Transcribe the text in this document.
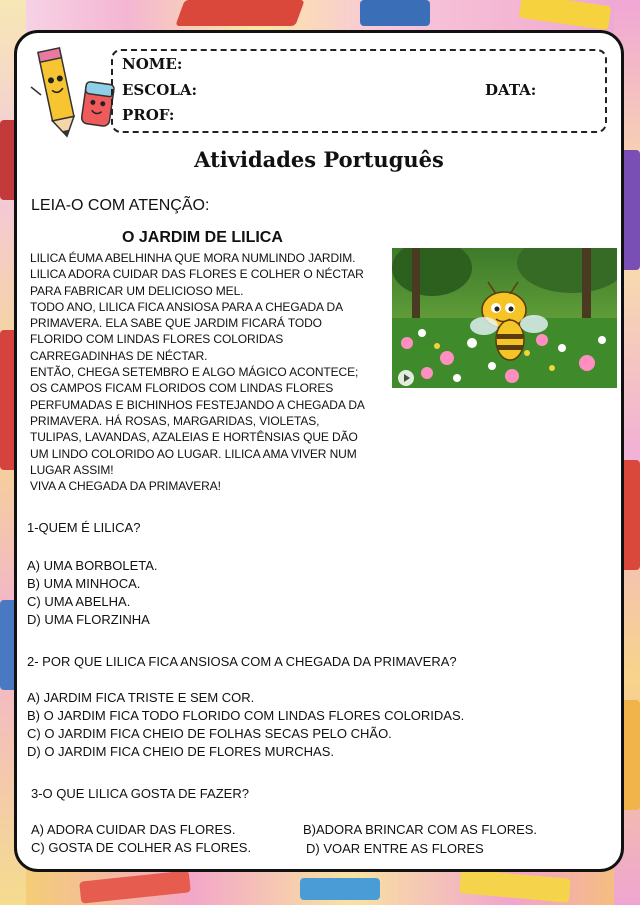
NOME:
ESCOLA:	DATA:
PROF:
Atividades Português
LEIA-O COM ATENÇÃO:
O JARDIM DE LILICA

LILICA ÉUMA ABELHINHA QUE MORA NUMLINDO JARDIM.

LILICA ADORA CUIDAR DAS FLORES E COLHER O NÉCTAR

PARA FABRICAR UM DELICIOSO MEL.

TODO ANO, LILICA FICA ANSIOSA PARA A CHEGADA DA

PRIMAVERA. ELA SABE QUE JARDIM FICARÁ TODO

FLORIDO COM LINDAS FLORES COLORIDAS

CARREGADINHAS DE NÉCTAR.

ENTÃO, CHEGA SETEMBRO E ALGO MÁGICO ACONTECE;

OS CAMPOS FICAM FLORIDOS COM LINDAS FLORES

PERFUMADAS E BICHINHOS FESTEJANDO A CHEGADA DA

PRIMAVERA. HÁ ROSAS, MARGARIDAS, VIOLETAS,

TULIPAS, LAVANDAS, AZALEIAS E HORTÊNSIAS QUE DÃO

UM LINDO COLORIDO AO LUGAR. LILICA AMA VIVER NUM

LUGAR ASSIM!

VIVA A CHEGADA DA PRIMAVERA!

1-QUEM É LILICA?
A) UMA BORBOLETA.
B) UMA MINHOCA.
C) UMA ABELHA.
D) UMA FLORZINHA
2- POR QUE LILICA FICA ANSIOSA COM A CHEGADA DA PRIMAVERA?
A) JARDIM FICA TRISTE E SEM COR.
B) O JARDIM FICA TODO FLORIDO COM LINDAS FLORES COLORIDAS.
C) O JARDIM FICA CHEIO DE FOLHAS SECAS PELO CHÃO.
D) O JARDIM FICA CHEIO DE FLORES MURCHAS.
3-O QUE LILICA GOSTA DE FAZER?
A) ADORA CUIDAR DAS FLORES.	B)ADORA BRINCAR COM AS FLORES.
C) GOSTA DE COLHER AS FLORES.	D) VOAR ENTRE AS FLORES
